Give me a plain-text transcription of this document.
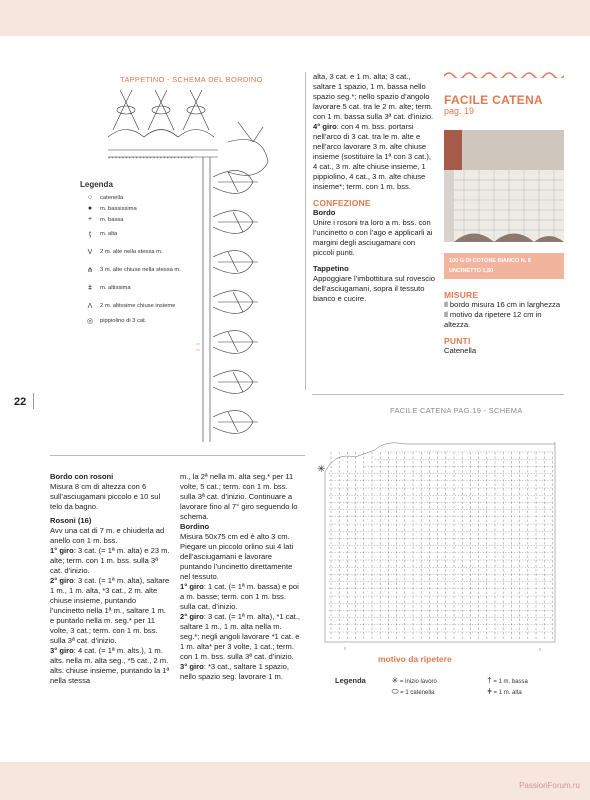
TAPPETINO - SCHEMA DEL BORDINO
+ + + + + + + + + + + + + + + + + + + + + + + + +
Legenda
○	catenella
●	m. bassissima
+	m. bassa
ƫ	m. alta
V	2 m. alte nella stessa m.
⋔	3 m. alte chiuse nella stessa m.
ǂ	m. altissima
Ʌ	2 m. altissime chiuse insieme
◎	pippiolino di 3 cat.

alta, 3 cat. e 1 m. alta; 3 cat., saltare 1 spazio, 1 m. bassa nello spazio seg.*; nello spazio d’angolo lavorare 5 cat. tra le 2 m. alte; term. con 1 m. bassa sulla 3ª cat. d’inizio.

4° giro: con 4 m. bss. portarsi nell’arco di 3 cat. tra le m. alte e nell’arco lavorare 3 m. alte chiuse insieme (sostituire la 1ª con 3 cat.), 4 cat., 3 m. alte chiuse insieme, 1 pippiolino, 4 cat., 3 m. alte chiuse insieme*; term. con 1 m. bss.

CONFEZIONE

Bordo

Unire i rosoni tra loro a m. bss. con l’uncinetto o con l’ago e applicarli ai margini degli asciugamani con piccoli punti.

Tappetino

Appoggiare l’imbottitura sul rovescio dell’asciugamani, sopra il tessuto bianco e cucire.

FACILE CATENA
pag. 19
100 G DI COTONE BIANCO N. 8
UNCINETTO 1,50
MISURE

Il bordo misura 16 cm in larghezza
Il motivo da ripetere 12 cm in altezza.

PUNTI

Catenella

22
FACILE CATENA PAG.19 - SCHEMA
✳
motivo da ripetere
Legenda	✳ = inizio lavoro
⬭ = 1 catenella
† = 1 m. bassa
ǂ = 1 m. alta

Bordo con rosoni

Misura 8 cm di altezza con 6 sull’asciugamani piccolo e 10 sul telo da bagno.

Rosoni (16)

Avv una cat di 7 m. e chiuderla ad anello con 1 m. bss.

1° giro: 3 cat. (= 1ª m. alta) e 23 m. alte; term. con 1 m. bss. sulla 3ª cat. d’inizio.

2° giro: 3 cat. (= 1ª m. alta), saltare 1 m., 1 m. alta, *3 cat., 2 m. alte chiuse insieme, puntando l’uncinetto nella 1ª m., saltare 1 m. e puntarlo nella m. seg.* per 11 volte, 3 cat.; term. con 1 m. bss. sulla 3ª cat. d’inizio.

3° giro: 4 cat. (= 1ª m. alts.), 1 m. alts. nella m. alta seg., *5 cat., 2 m. alts. chiuse insieme, puntando la 1ª nella stessa

m., la 2ª nella m. alta seg.* per 11 volte, 5 cat.; term. con 1 m. bss. sulla 3ª cat. d’inizio. Continuare a lavorare fino al 7° giro seguendo lo schema.

Bordino

Misura 50x75 cm ed è alto 3 cm. Piegare un piccolo orlino sui 4 lati dell’asciugamani e lavorare puntando l’uncinetto direttamente nel tessuto.

1° giro: 1 cat. (= 1ª m. bassa) e poi a m. basse; term. con 1 m. bss. sulla cat. d’inizio.

2° giro: 3 cat. (= 1ª m. alta), *1 cat., saltare 1 m., 1 m. alta nella m. seg.*; negli angoli lavorare *1 cat. e 1 m. alta* per 3 volte, 1 cat.; term. con 1 m. bss. sulla 3ª cat. d’inizio.

3° giro: *3 cat., saltare 1 spazio, nello spazio seg. lavorare 1 m.

PassionForum.ru
